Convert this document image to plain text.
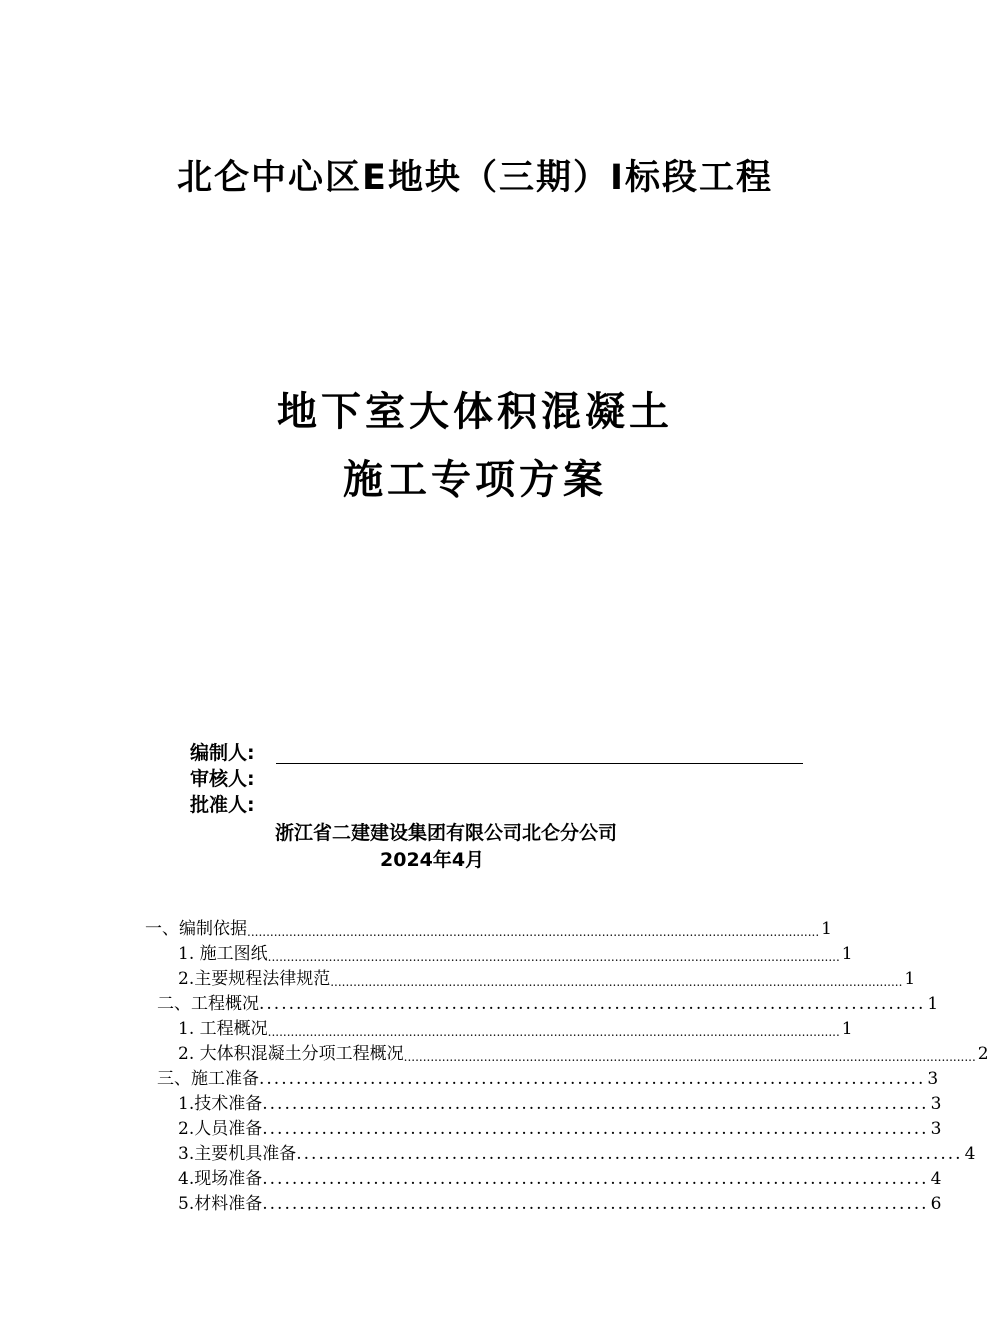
北仑中心区E地块（三期）Ⅰ标段工程
地下室大体积混凝土
施工专项方案
编制人:
审核人:
批准人:
浙江省二建建设集团有限公司北仑分公司
2024年4月
一、编制依据 ...................................................................................................................................................... 1
1. 施工图纸 ...................................................................................................................................................... 1
2.主要规程法律规范 ...................................................................................................................................................... 1
二、工程概况 .......................................................................................... 1
1. 工程概况 ...................................................................................................................................................... 1
2. 大体积混凝土分项工程概况 ...................................................................................................................................................... 2
三、施工准备 .......................................................................................... 3
1.技术准备 .......................................................................................... 3
2.人员准备 .......................................................................................... 3
3.主要机具准备 .......................................................................................... 4
4.现场准备 .......................................................................................... 4
5.材料准备 .......................................................................................... 6
